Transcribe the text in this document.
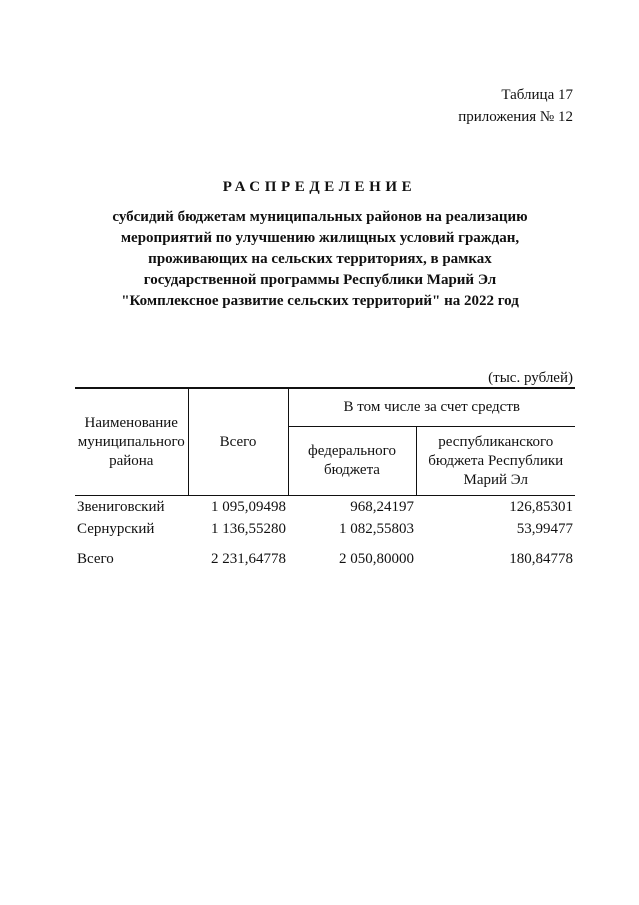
Таблица 17
приложения № 12
РАСПРЕДЕЛЕНИЕ
субсидий бюджетам муниципальных районов на реализацию мероприятий по улучшению жилищных условий граждан, проживающих на сельских территориях, в рамках государственной программы Республики Марий Эл "Комплексное развитие сельских территорий" на 2022 год
(тыс. рублей)
Наименование муниципального района	Всего	В том числе за счет средств	
		федерального бюджета	республиканского бюджета Республики Марий Эл
Звениговский	1 095,09498	968,24197	126,85301
Сернурский	1 136,55280	1 082,55803	53,99477

Всего	2 231,64778	2 050,80000	180,84778
